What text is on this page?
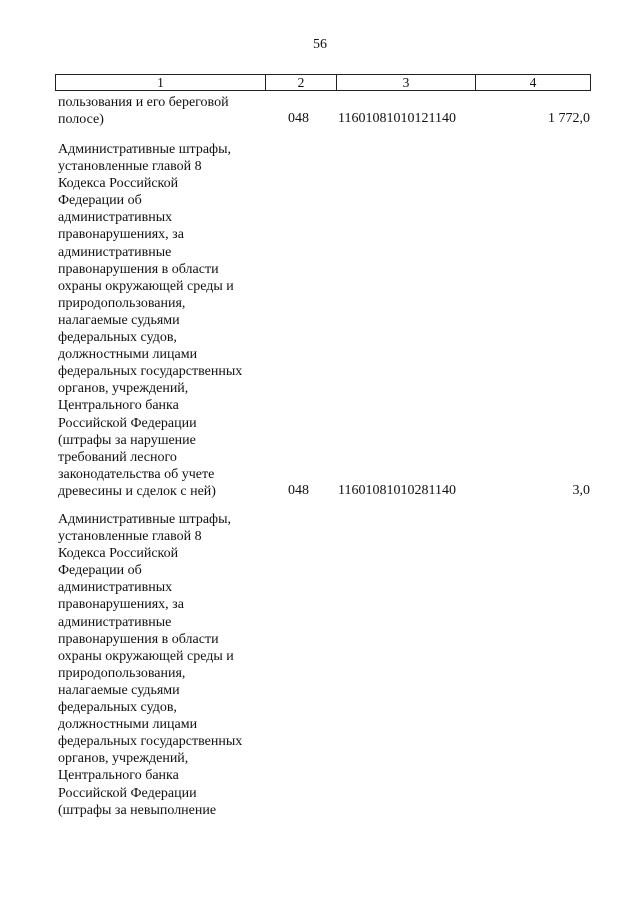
56
1	2	3	4
пользования и его береговой
полосе)	048	11601081010121140	1 772,0
Административные штрафы,
установленные главой 8
Кодекса Российской
Федерации об
административных
правонарушениях, за
административные
правонарушения в области
охраны окружающей среды и
природопользования,
налагаемые судьями
федеральных судов,
должностными лицами
федеральных государственных
органов, учреждений,
Центрального банка
Российской Федерации
(штрафы за нарушение
требований лесного
законодательства об учете
древесины и сделок с ней)	048	11601081010281140	3,0
Административные штрафы,
установленные главой 8
Кодекса Российской
Федерации об
административных
правонарушениях, за
административные
правонарушения в области
охраны окружающей среды и
природопользования,
налагаемые судьями
федеральных судов,
должностными лицами
федеральных государственных
органов, учреждений,
Центрального банка
Российской Федерации
(штрафы за невыполнение
